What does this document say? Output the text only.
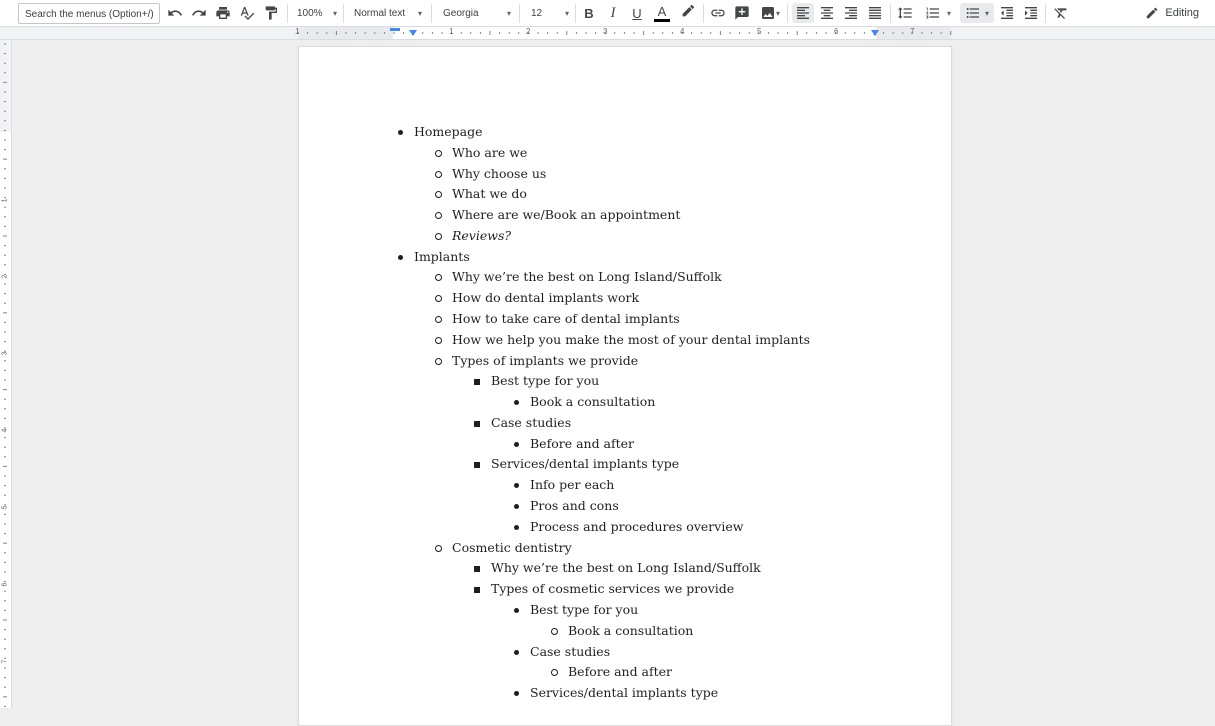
Search the menus (Option+/)	100% ▾ Normal text ▾ Georgia	▾ 12	▾ B	I	U A	▾	▾	▾	Editing
1	1	2	3	4	5	6	7
1
2
3
4
5
6
7
Homepage
Who are we
Why choose us
What we do
Where are we/Book an appointment
Reviews?
Implants
Why we’re the best on Long Island/Suffolk
How do dental implants work
How to take care of dental implants
How we help you make the most of your dental implants
Types of implants we provide
Best type for you
Book a consultation
Case studies
Before and after
Services/dental implants type
Info per each
Pros and cons
Process and procedures overview
Cosmetic dentistry
Why we’re the best on Long Island/Suffolk
Types of cosmetic services we provide
Best type for you
Book a consultation
Case studies
Before and after
Services/dental implants type
